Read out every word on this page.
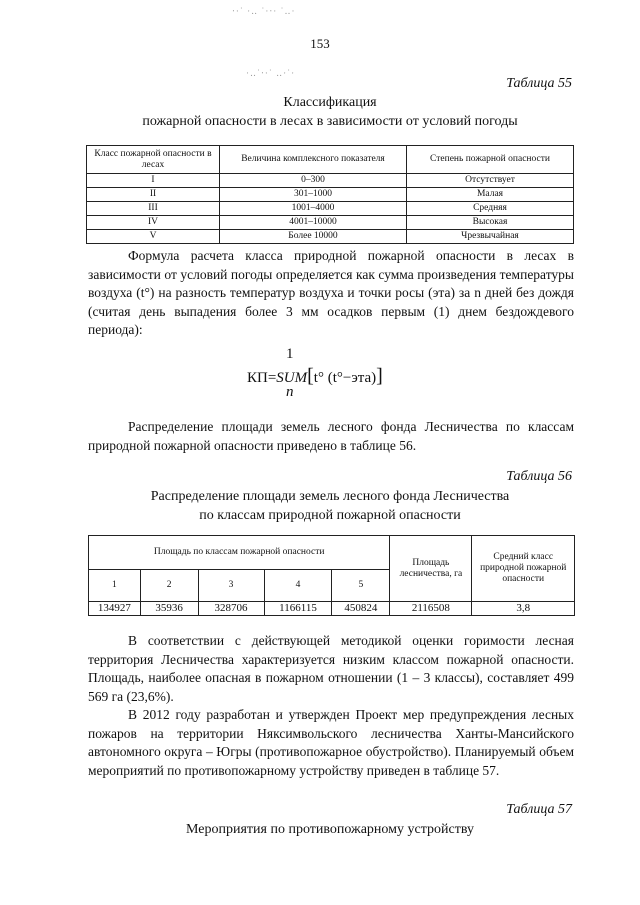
‧·˙ ·‥ ˙·‧· ˙‥·
·‥˙‧·˙ ‥·˙·
153
Таблица 55
Классификация
пожарной опасности в лесах в зависимости от условий погоды
Класс пожарной опасности в лесах	Величина комплексного показателя	Степень пожарной опасности
I	0–300	Отсутствует
II	301–1000	Малая
III	1001–4000	Средняя
IV	4001–10000	Высокая
V	Более 10000	Чрезвычайная
Формула расчета класса природной пожарной опасности в лесах в зависимости от условий погоды определяется как сумма произведения температуры воздуха (t°) на разность температур воздуха и точки росы (эта) за n дней без дождя (считая день выпадения более 3 мм осадков первым (1) днем бездождевого периода):
1
КП=SUM[t° (t°−эта)]
n
Распределение площади земель лесного фонда Лесничества по классам природной пожарной опасности приведено в таблице 56.
Таблица 56
Распределение площади земель лесного фонда Лесничества
по классам природной пожарной опасности
Площадь по классам пожарной опасности					Площадь лесничества, га	Средний класс природной пожарной опасности
1	2	3	4	5		
134927	35936	328706	1166115	450824	2116508	3,8
В соответствии с действующей методикой оценки горимости лесная территория Лесничества характеризуется низким классом пожарной опасности. Площадь, наиболее опасная в пожарном отношении (1 – 3 классы), составляет 499 569 га (23,6%).
В 2012 году разработан и утвержден Проект мер предупреждения лесных пожаров на территории Няксимвольского лесничества Ханты-Мансийского автономного округа – Югры (противопожарное обустройство). Планируемый объем мероприятий по противопожарному устройству приведен в таблице 57.
Таблица 57
Мероприятия по противопожарному устройству
